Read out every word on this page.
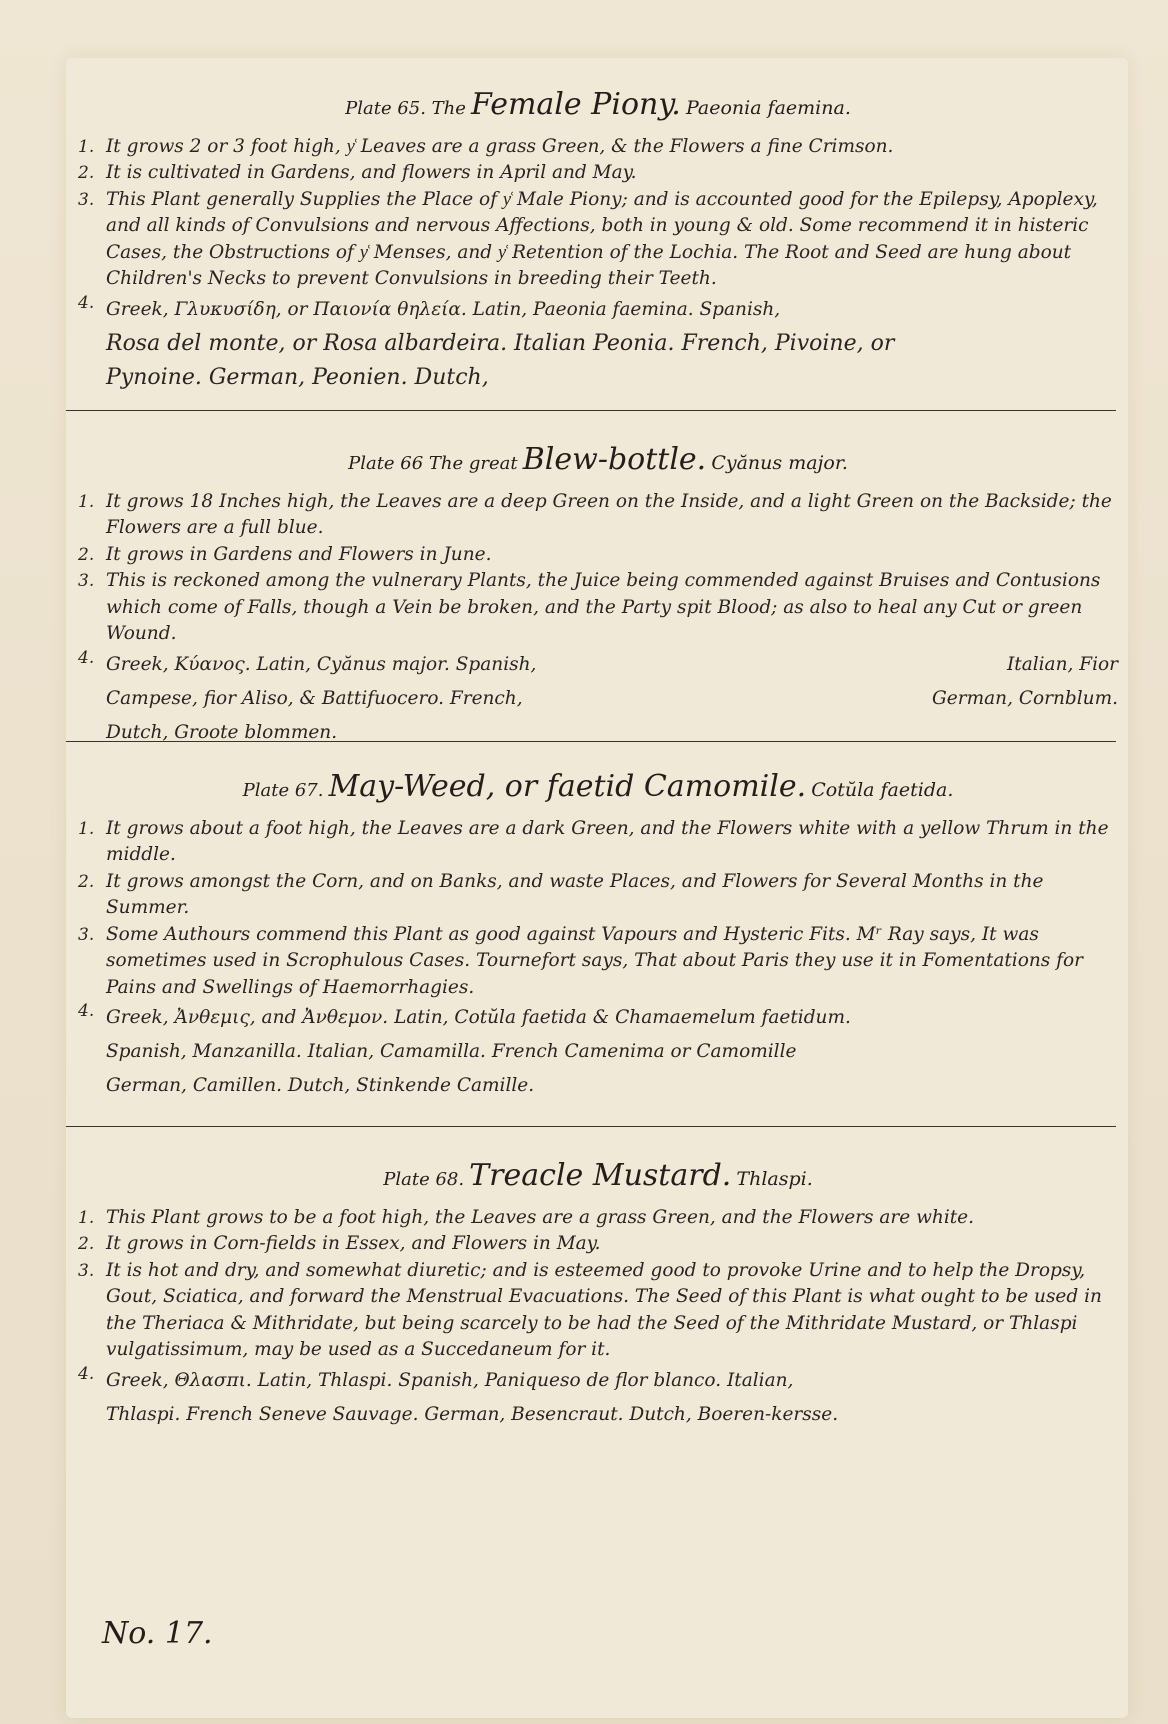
Plate 65. The Female Piony. Paeonia faemina.
1. It grows 2 or 3 foot high, y͑ Leaves are a grass Green, & the Flowers a fine Crimson.
2. It is cultivated in Gardens, and flowers in April and May.
3. This Plant generally Supplies the Place of y͑ Male Piony; and is accounted good for the Epilepsy, Apoplexy, and all kinds of Convulsions and nervous Affections, both in young & old. Some recommend it in histeric Cases, the Obstructions of y͑ Menses, and y͑ Retention of the Lochia. The Root and Seed are hung about Children's Necks to prevent Convulsions in breeding their Teeth.
4. Greek, Γλυκυσίδη, or Παιονία θηλεία. Latin, Paeonia faemina. Spanish,
Rosa del monte, or Rosa albardeira. Italian Peonia. French, Pivoine, or
Pynoine. German, Peonien. Dutch,
Plate 66 The great Blew-bottle. Cyănus major.
1. It grows 18 Inches high, the Leaves are a deep Green on the Inside, and a light Green on the Backside; the Flowers are a full blue.
2. It grows in Gardens and Flowers in June.
3. This is reckoned among the vulnerary Plants, the Juice being commended against Bruises and Contusions which come of Falls, though a Vein be broken, and the Party spit Blood; as also to heal any Cut or green Wound.
4. Greek, Κύανος. Latin, Cyănus major. Spanish,	Italian, Fior
Campese, fior Aliso, & Battifuocero. French,	German, Cornblum.
Dutch, Groote blommen.
Plate 67. May-Weed, or faetid Camomile. Cotŭla faetida.
1. It grows about a foot high, the Leaves are a dark Green, and the Flowers white with a yellow Thrum in the middle.
2. It grows amongst the Corn, and on Banks, and waste Places, and Flowers for Several Months in the Summer.
3. Some Authours commend this Plant as good against Vapours and Hysteric Fits. Mʳ Ray says, It was sometimes used in Scrophulous Cases. Tournefort says, That about Paris they use it in Fomentations for Pains and Swellings of Haemorrhagies.
4. Greek, Ἀνθεμις, and Ἀνθεμον. Latin, Cotŭla faetida & Chamaemelum faetidum.
Spanish, Manzanilla. Italian, Camamilla. French Camenima or Camomille
German, Camillen. Dutch, Stinkende Camille.
Plate 68. Treacle Mustard. Thlaspi.
1. This Plant grows to be a foot high, the Leaves are a grass Green, and the Flowers are white.
2. It grows in Corn-fields in Essex, and Flowers in May.
3. It is hot and dry, and somewhat diuretic; and is esteemed good to provoke Urine and to help the Dropsy, Gout, Sciatica, and forward the Menstrual Evacuations. The Seed of this Plant is what ought to be used in the Theriaca & Mithridate, but being scarcely to be had the Seed of the Mithridate Mustard, or Thlaspi vulgatissimum, may be used as a Succedaneum for it.
4. Greek, Θλασπι. Latin, Thlaspi. Spanish, Paniqueso de flor blanco. Italian,
Thlaspi. French Seneve Sauvage. German, Besencraut. Dutch, Boeren-kersse.
No. 17.
